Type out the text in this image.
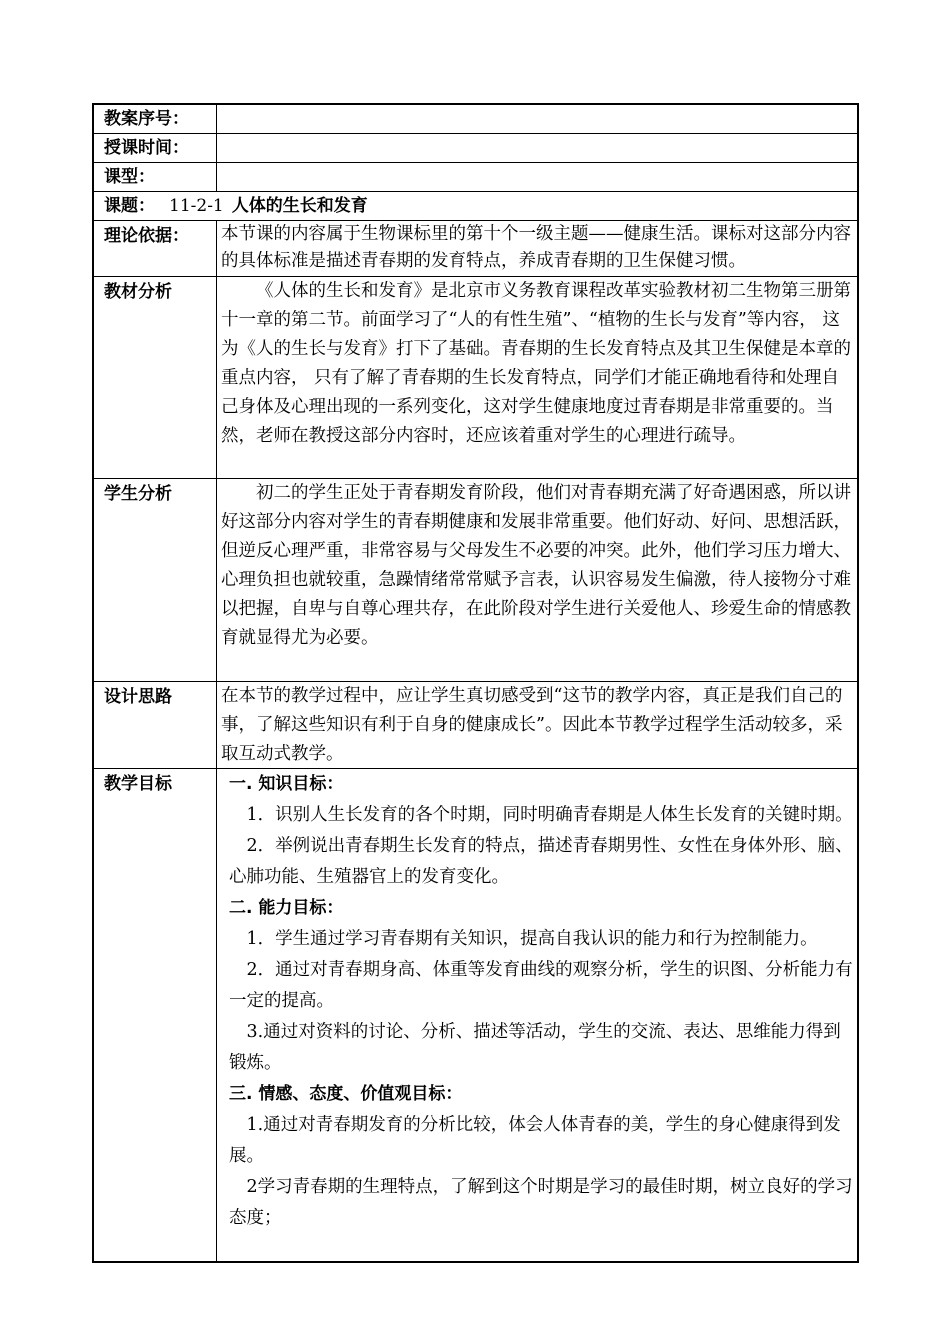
教案序号：
授课时间：
课型：
课题： 11-2-1 人体的生长和发育
理论依据：	本节课的内容属于生物课标里的第十个一级主题——健康生活。课标对这部分内容的具体标准是描述青春期的发育特点，养成青春期的卫生保健习惯。

教材分析	《人体的生长和发育》是北京市义务教育课程改革实验教材初二生物第三册第十一章的第二节。前面学习了“人的有性生殖”、“植物的生长与发育”等内容， 这为《人的生长与发育》打下了基础。青春期的生长发育特点及其卫生保健是本章的重点内容， 只有了解了青春期的生长发育特点，同学们才能正确地看待和处理自己身体及心理出现的一系列变化，这对学生健康地度过青春期是非常重要的。当然，老师在教授这部分内容时，还应该着重对学生的心理进行疏导。

学生分析	初二的学生正处于青春期发育阶段，他们对青春期充满了好奇遇困惑，所以讲好这部分内容对学生的青春期健康和发展非常重要。他们好动、好问、思想活跃，但逆反心理严重，非常容易与父母发生不必要的冲突。此外，他们学习压力增大、心理负担也就较重，急躁情绪常常赋予言表，认识容易发生偏激，待人接物分寸难以把握，自卑与自尊心理共存，在此阶段对学生进行关爱他人、珍爱生命的情感教育就显得尤为必要。

设计思路	在本节的教学过程中，应让学生真切感受到“这节的教学内容，真正是我们自己的事，了解这些知识有利于自身的健康成长”。因此本节教学过程学生活动较多，采取互动式教学。

教学目标	一. 知识目标：

1．识别人生长发育的各个时期，同时明确青春期是人体生长发育的关键时期。

2．举例说出青春期生长发育的特点，描述青春期男性、女性在身体外形、脑、心肺功能、生殖器官上的发育变化。

二. 能力目标：

1．学生通过学习青春期有关知识，提高自我认识的能力和行为控制能力。

2．通过对青春期身高、体重等发育曲线的观察分析，学生的识图、分析能力有一定的提高。

3.通过对资料的讨论、分析、描述等活动，学生的交流、表达、思维能力得到锻炼。

三. 情感、态度、价值观目标：

1.通过对青春期发育的分析比较，体会人体青春的美，学生的身心健康得到发展。

2学习青春期的生理特点，了解到这个时期是学习的最佳时期，树立良好的学习态度；
